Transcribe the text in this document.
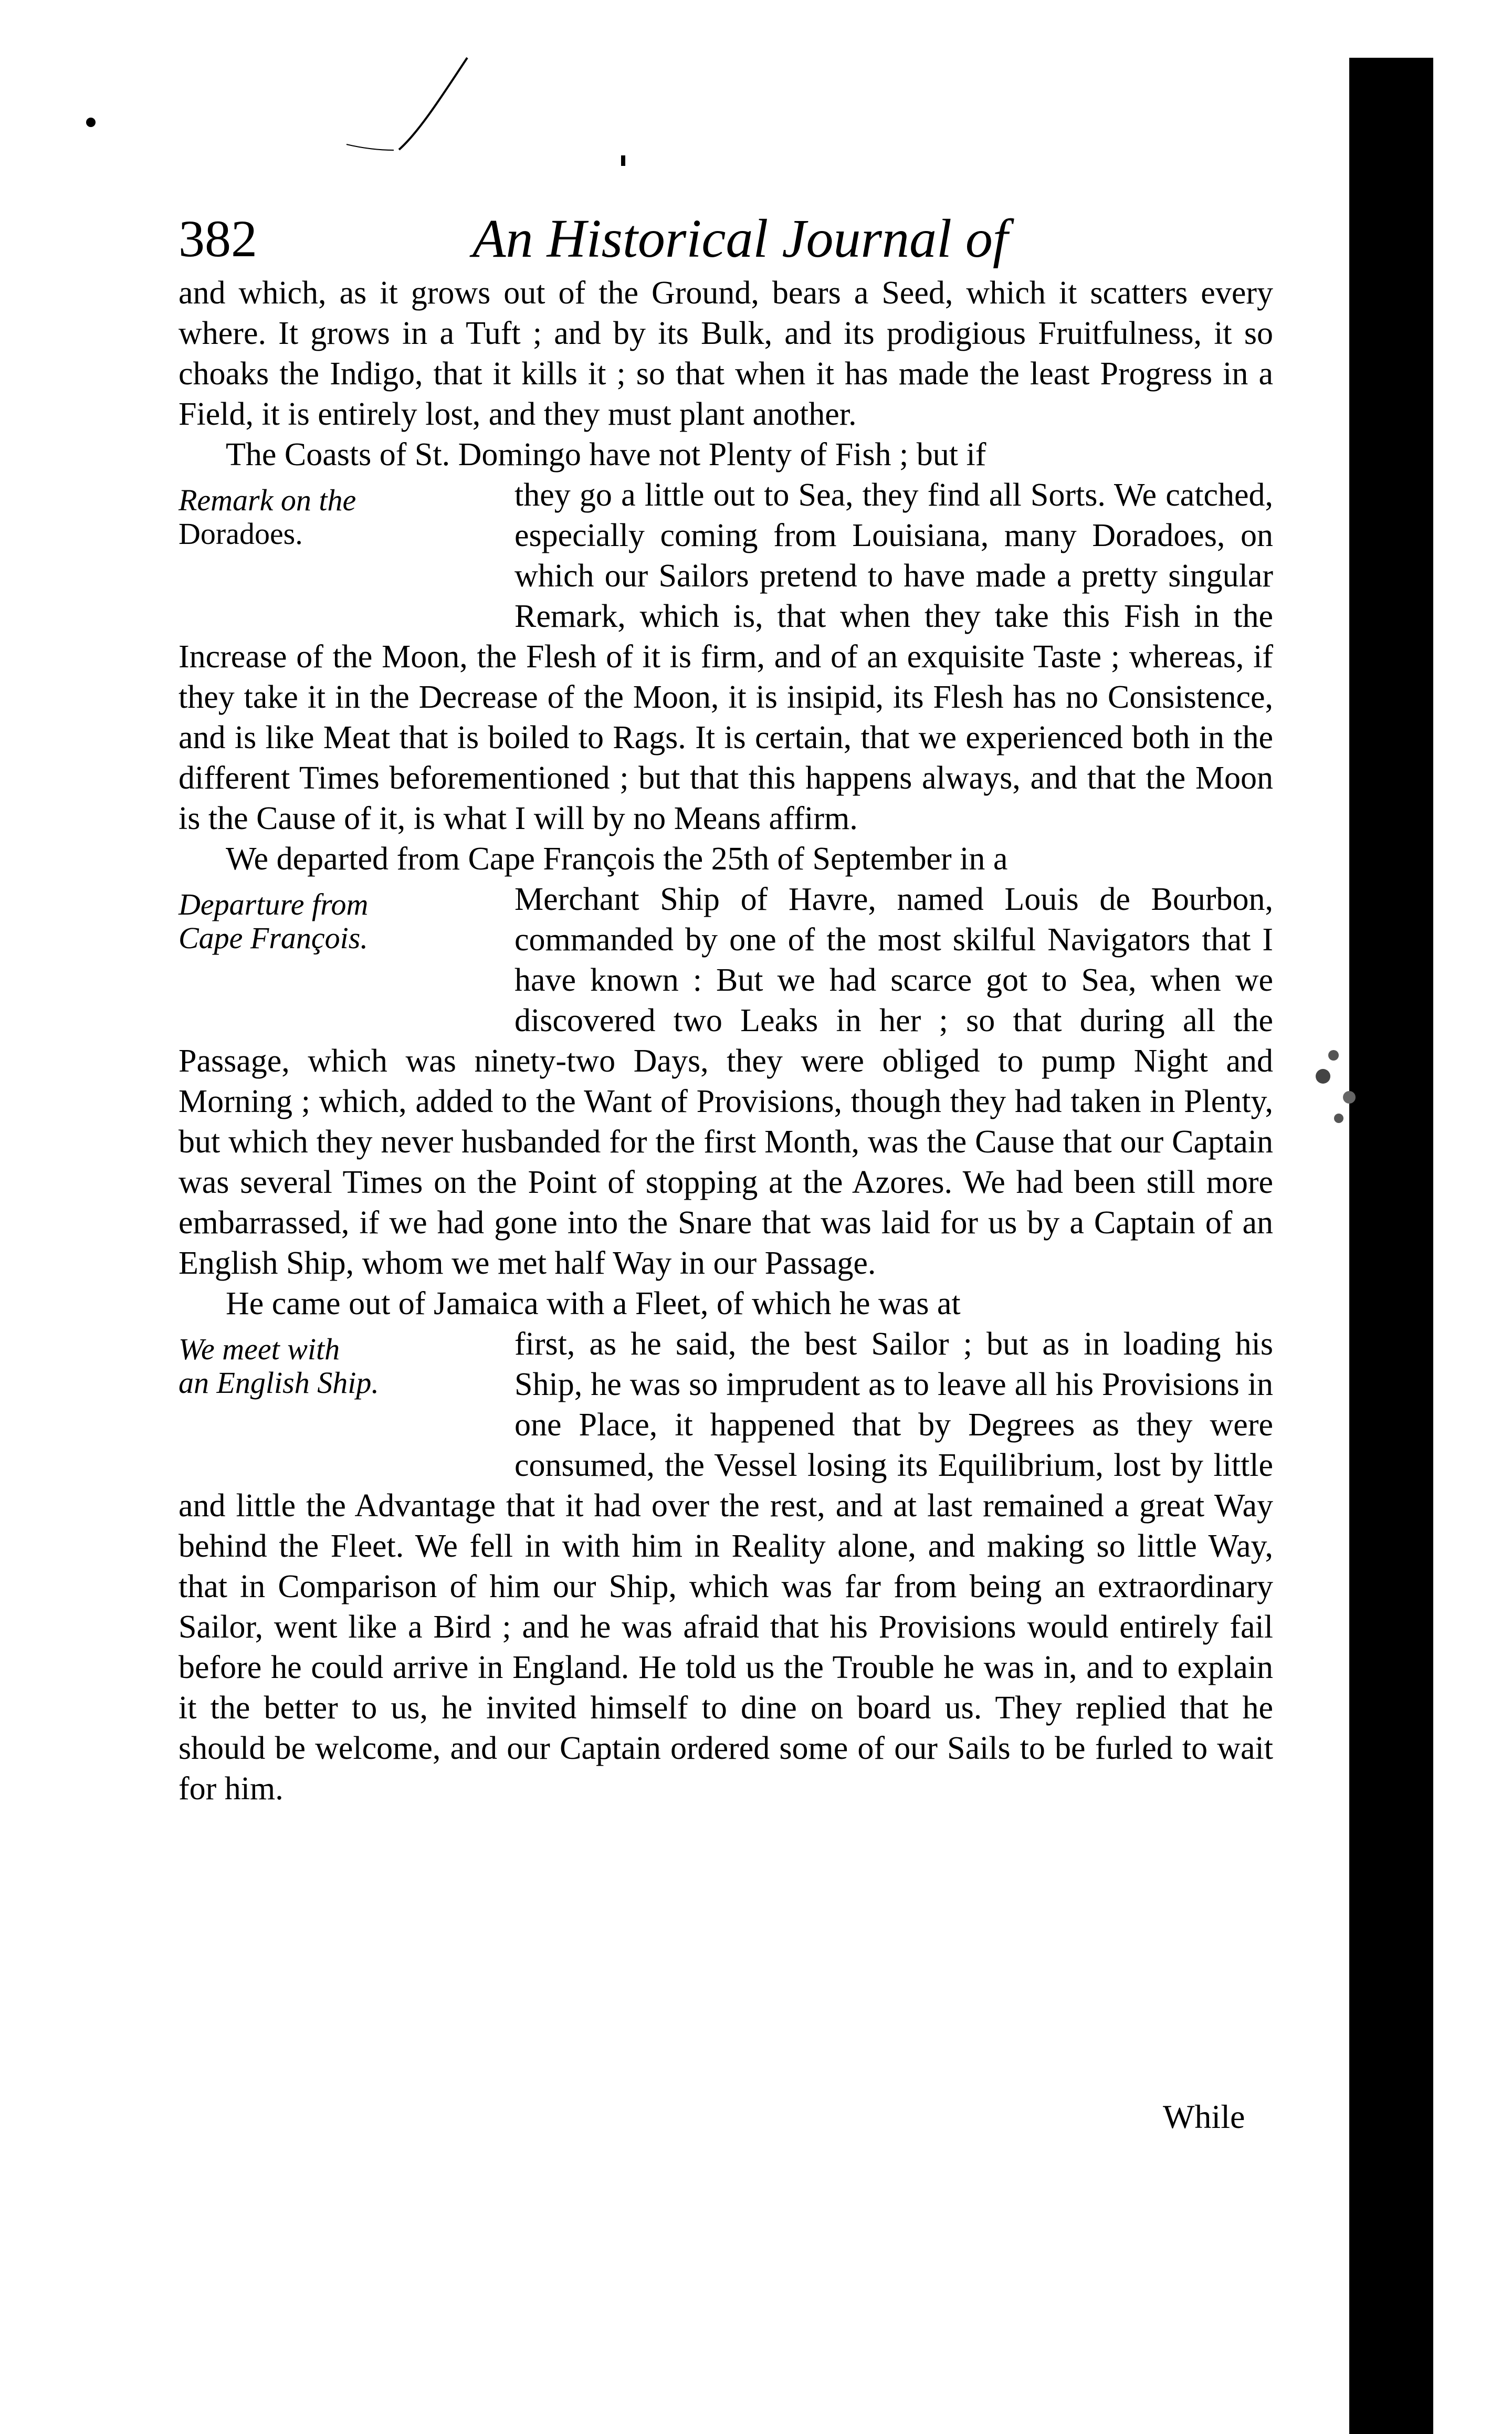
382	An Historical Journal of

and which, as it grows out of the Ground, bears a Seed, which it scatters every where. It grows in a Tuft ; and by its Bulk, and its prodigious Fruitfulness, it so choaks the Indigo, that it kills it ; so that when it has made the least Progress in a Field, it is entirely lost, and they must plant another.

The Coasts of St. Domingo have not Plenty of Fish ; but if

Remark on the
Doradoes.
they go a little out to Sea, they find all Sorts. We catched, especially coming from Louisiana, many Doradoes, on which our Sailors pretend to have made a pretty singular Remark, which is, that when they take this Fish in the Increase of the Moon, the Flesh of it is firm, and of an exquisite Taste ; whereas, if they take it in the Decrease of the Moon, it is insipid, its Flesh has no Consistence, and is like Meat that is boiled to Rags. It is certain, that we experienced both in the different Times beforementioned ; but that this happens always, and that the Moon is the Cause of it, is what I will by no Means affirm.

We departed from Cape François the 25th of September in a

Departure from
Cape François.
Merchant Ship of Havre, named Louis de Bourbon, commanded by one of the most skilful Navigators that I have known : But we had scarce got to Sea, when we discovered two Leaks in her ; so that during all the Passage, which was ninety-two Days, they were obliged to pump Night and Morning ; which, added to the Want of Provisions, though they had taken in Plenty, but which they never husbanded for the first Month, was the Cause that our Captain was several Times on the Point of stopping at the Azores. We had been still more embarrassed, if we had gone into the Snare that was laid for us by a Captain of an English Ship, whom we met half Way in our Passage.

He came out of Jamaica with a Fleet, of which he was at

We meet with
an English Ship.
first, as he said, the best Sailor ; but as in loading his Ship, he was so imprudent as to leave all his Provisions in one Place, it happened that by Degrees as they were consumed, the Vessel losing its Equilibrium, lost by little and little the Advantage that it had over the rest, and at last remained a great Way behind the Fleet. We fell in with him in Reality alone, and making so little Way, that in Comparison of him our Ship, which was far from being an extraordinary Sailor, went like a Bird ; and he was afraid that his Provisions would entirely fail before he could arrive in England. He told us the Trouble he was in, and to explain it the better to us, he invited himself to dine on board us. They replied that he should be welcome, and our Captain ordered some of our Sails to be furled to wait for him.

While
